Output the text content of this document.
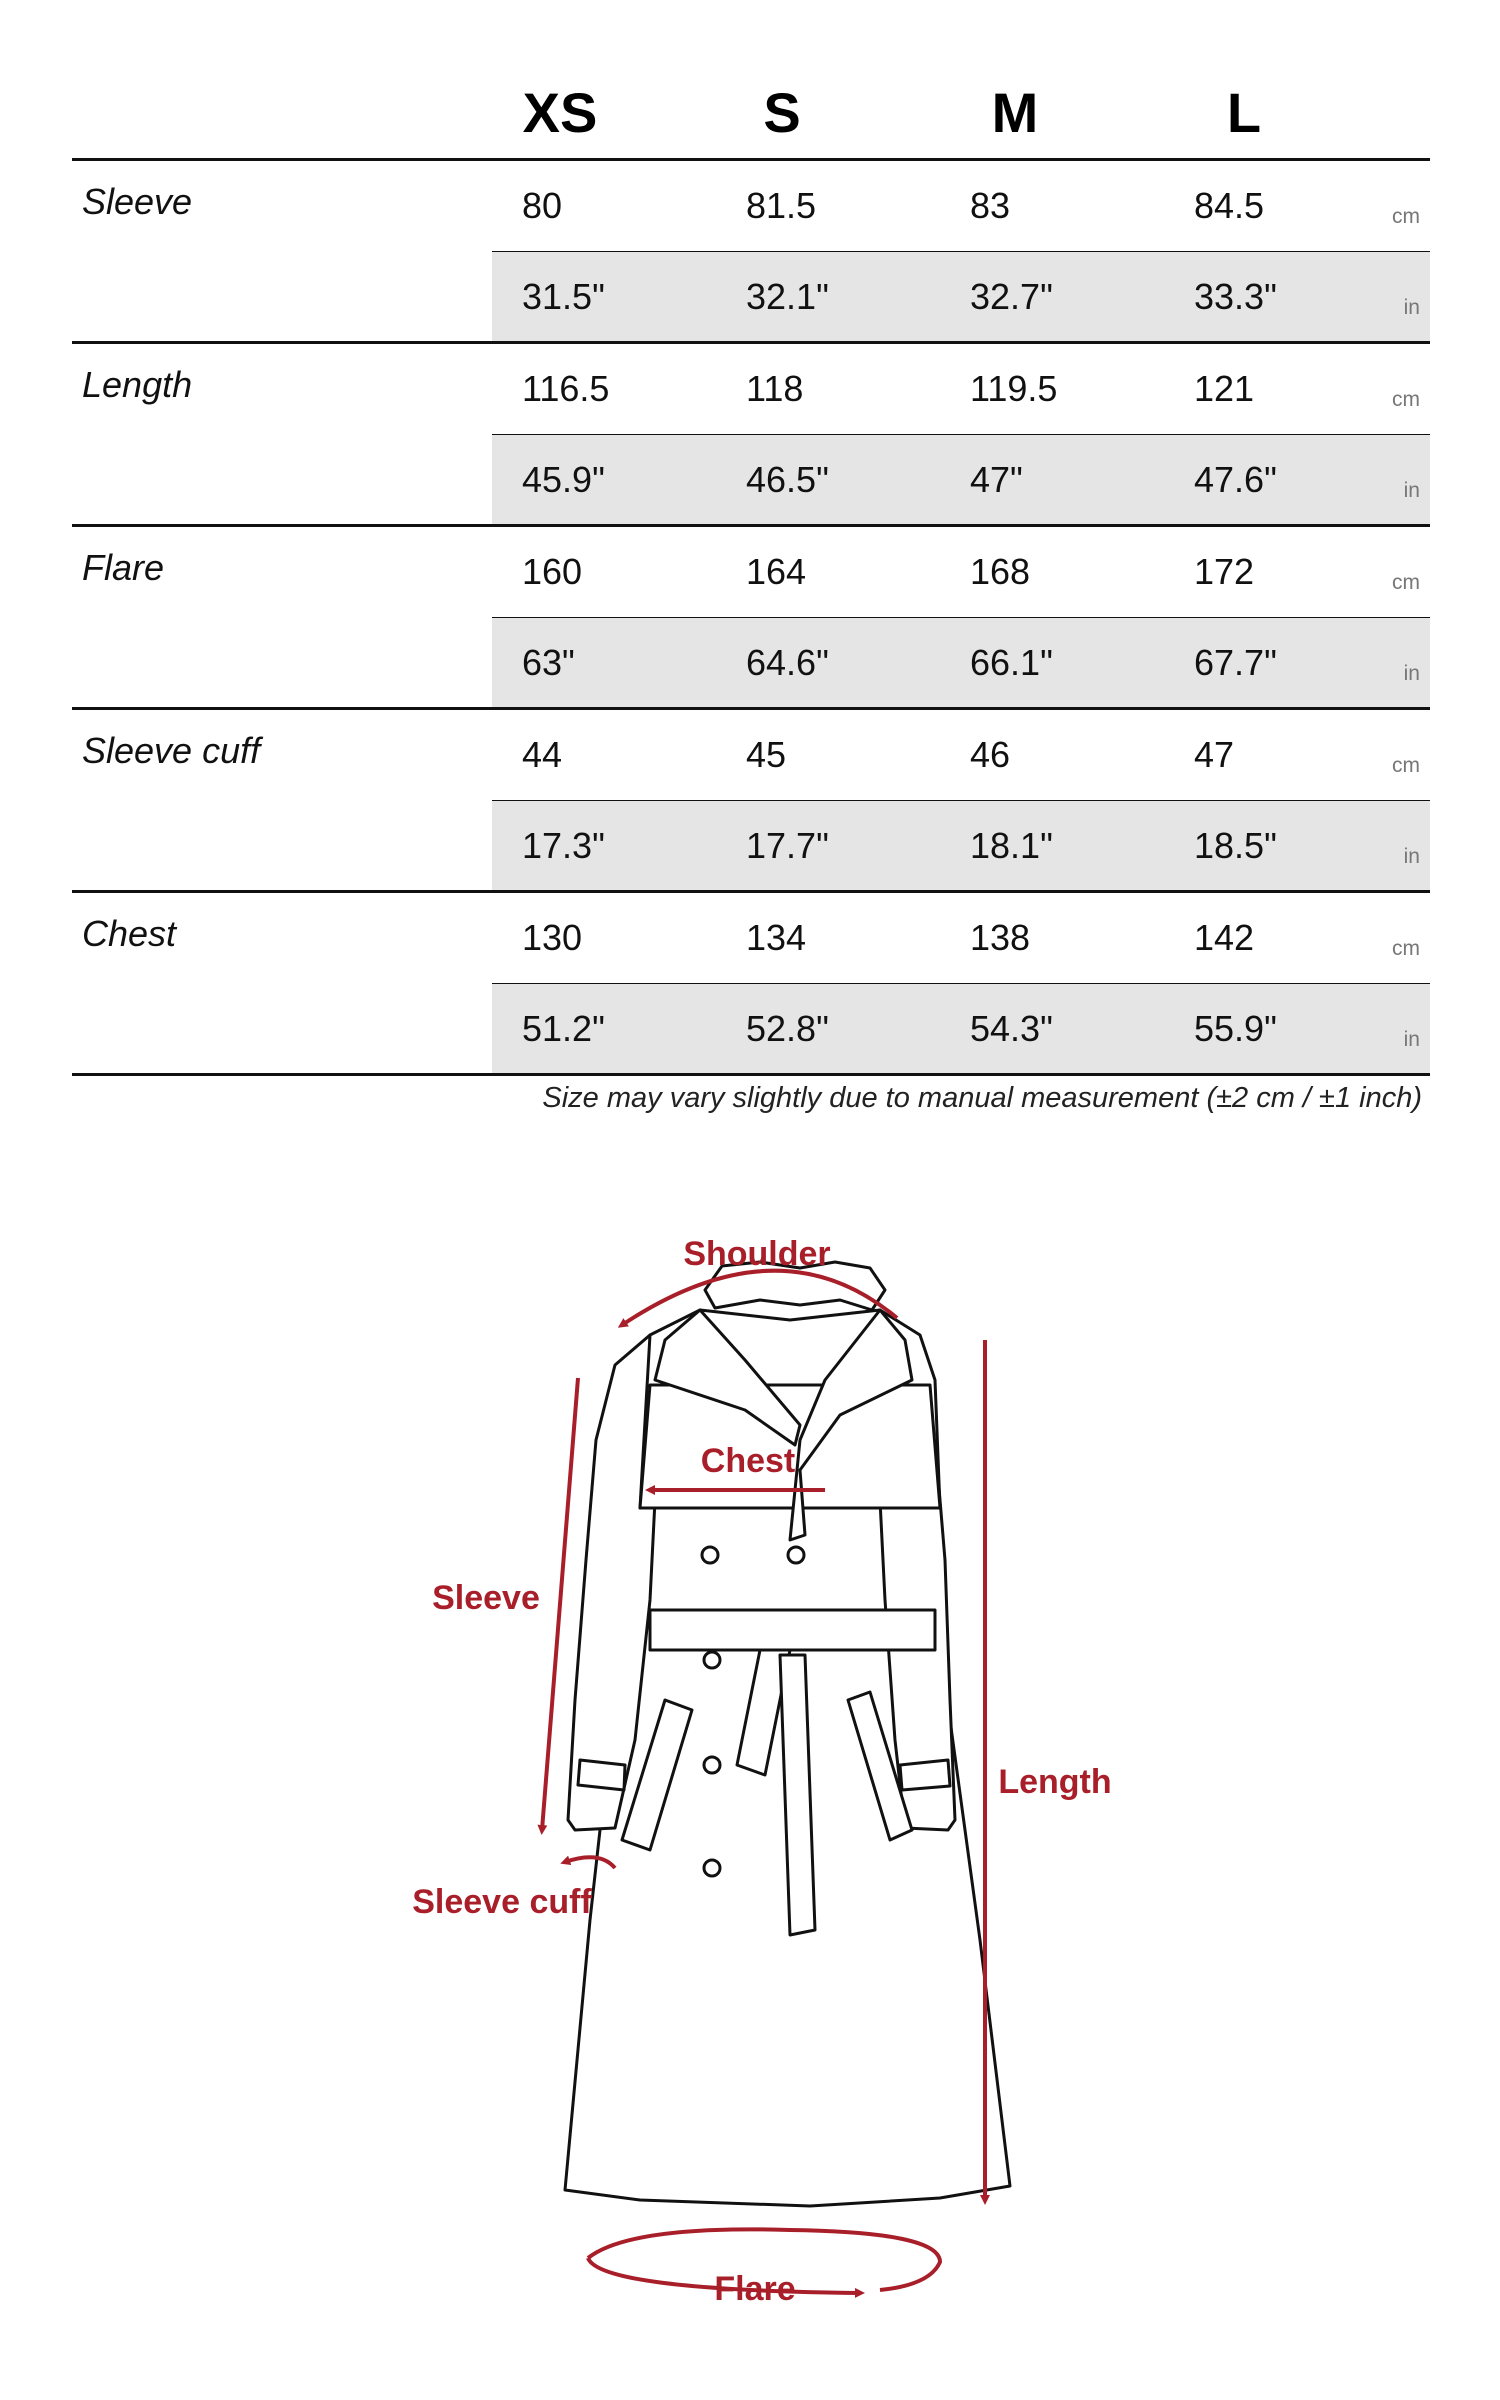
XS	S	M	L
Sleeve	80	81.5	83	84.5	cm
31.5"	32.1"	32.7"	33.3"	in
Length	116.5	118	119.5	121	cm
45.9"	46.5"	47"	47.6"	in
Flare	160	164	168	172	cm
63"	64.6"	66.1"	67.7"	in
Sleeve cuff	44	45	46	47	cm
17.3"	17.7"	18.1"	18.5"	in
Chest	130	134	138	142	cm
51.2"	52.8"	54.3"	55.9"	in
Size may vary slightly due to manual measurement (±2 cm / ±1 inch)
Shoulder
Chest
Sleeve
Sleeve cuff
Length
Flare
